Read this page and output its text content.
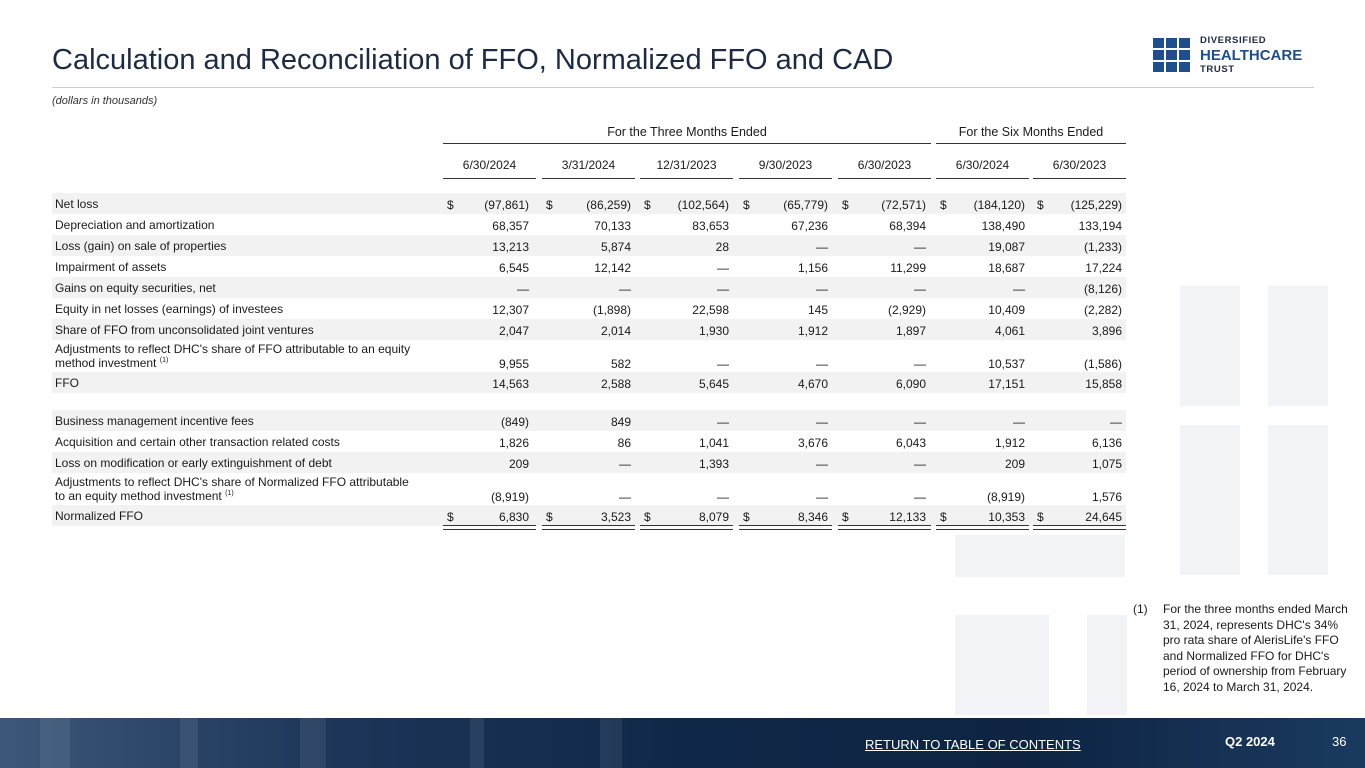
Calculation and Reconciliation of FFO, Normalized FFO and CAD
(dollars in thousands)
DIVERSIFIED
HEALTHCARE
TRUST
For the Three Months Ended	For the Six Months Ended
6/30/2024	3/31/2024	12/31/2023	9/30/2023	6/30/2023	6/30/2024	6/30/2023
Net loss	$	(97,861) $	(86,259) $ (102,564) $	(65,779) $	(72,571) $ (184,120) $ (125,229)
Depreciation and amortization	68,357	70,133	83,653	67,236	68,394	138,490	133,194
Loss (gain) on sale of properties	13,213	5,874	28	—	—	19,087	(1,233)
Impairment of assets	6,545	12,142	—	1,156	11,299	18,687	17,224
Gains on equity securities, net	—	—	—	—	—	—	(8,126)
Equity in net losses (earnings) of investees	12,307	(1,898)	22,598	145	(2,929)	10,409	(2,282)
Share of FFO from unconsolidated joint ventures	2,047	2,014	1,930	1,912	1,897	4,061	3,896
Adjustments to reflect DHC's share of FFO attributable to an equity method investment $^{(1)}$	9,955	582	—	—	—	10,537	(1,586)
FFO	14,563	2,588	5,645	4,670	6,090	17,151	15,858
Business management incentive fees	(849)	849	—	—	—	—	—
Acquisition and certain other transaction related costs	1,826	86	1,041	3,676	6,043	1,912	6,136
Loss on modification or early extinguishment of debt	209	—	1,393	—	—	209	1,075
Adjustments to reflect DHC's share of Normalized FFO attributable to an equity method investment $^{(1)}$	(8,919)	—	—	—	—	(8,919)	1,576
Normalized FFO	$	6,830 $	3,523 $	8,079 $	8,346 $	12,133 $	10,353 $	24,645
(1) For the three months ended March 31, 2024, represents DHC's 34% pro rata share of AlerisLife's FFO and Normalized FFO for DHC's period of ownership from February 16, 2024 to March 31, 2024.
RETURN TO TABLE OF CONTENTS	Q2 2024	36
